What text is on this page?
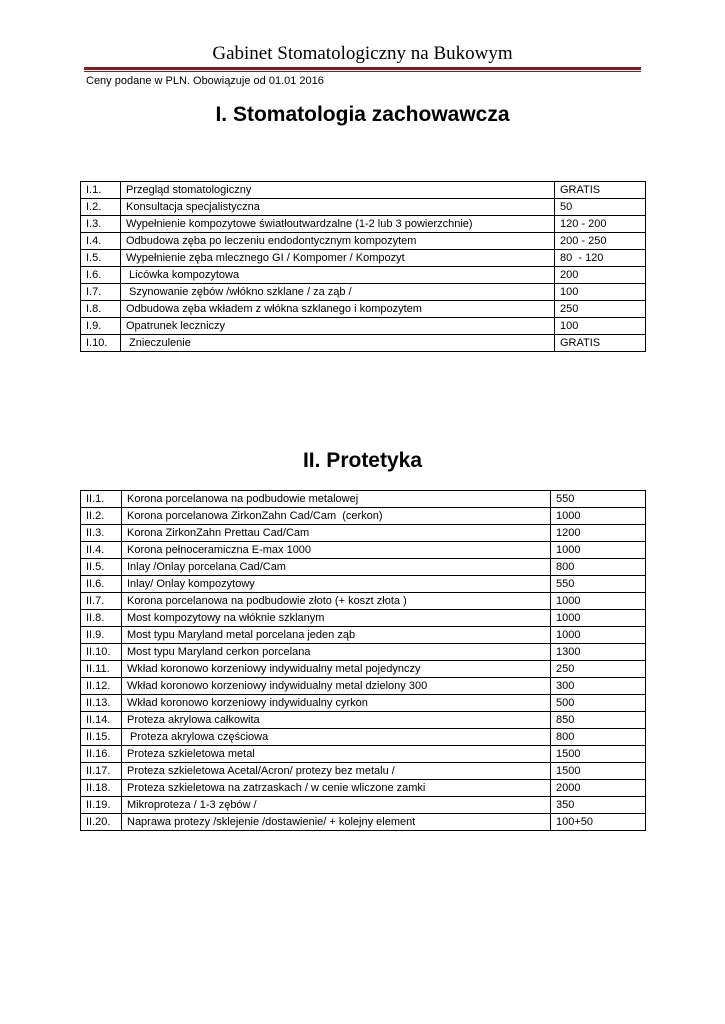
Gabinet Stomatologiczny na Bukowym
Ceny podane w PLN. Obowiązuje od 01.01 2016
I. Stomatologia zachowawcza
I.1.	Przegląd stomatologiczny	GRATIS
I.2.	Konsultacja specjalistyczna	50
I.3.	Wypełnienie kompozytowe światłoutwardzalne (1-2 lub 3 powierzchnie)	120 - 200
I.4.	Odbudowa zęba po leczeniu endodontycznym kompozytem	200 - 250
I.5.	Wypełnienie zęba mlecznego GI / Kompomer / Kompozyt	80  - 120
I.6.	Licówka kompozytowa	200
I.7.	Szynowanie zębów /włókno szklane / za ząb /	100
I.8.	Odbudowa zęba wkładem z włókna szklanego i kompozytem	250
I.9.	Opatrunek leczniczy	100
I.10.	Znieczulenie	GRATIS
II. Protetyka
II.1.	Korona porcelanowa na podbudowie metalowej	550
II.2.	Korona porcelanowa ZirkonZahn Cad/Cam  (cerkon)	1000
II.3.	Korona ZirkonZahn Prettau Cad/Cam	1200
II.4.	Korona pełnoceramiczna E-max 1000	1000
II.5.	Inlay /Onlay porcelana Cad/Cam	800
II.6.	Inlay/ Onlay kompozytowy	550
II.7.	Korona porcelanowa na podbudowie złoto (+ koszt złota )	1000
II.8.	Most kompozytowy na włóknie szklanym	1000
II.9.	Most typu Maryland metal porcelana jeden ząb	1000
II.10.	Most typu Maryland cerkon porcelana	1300
II.11.	Wkład koronowo korzeniowy indywidualny metal pojedynczy	250
II.12.	Wkład koronowo korzeniowy indywidualny metal dzielony 300	300
II.13.	Wkład koronowo korzeniowy indywidualny cyrkon	500
II.14.	Proteza akrylowa całkowita	850
II.15.	Proteza akrylowa częściowa	800
II.16.	Proteza szkieletowa metal	1500
II.17.	Proteza szkieletowa Acetal/Acron/ protezy bez metalu /	1500
II.18.	Proteza szkieletowa na zatrzaskach / w cenie wliczone zamki	2000
II.19.	Mikroproteza / 1-3 zębów /	350
II.20.	Naprawa protezy /sklejenie /dostawienie/ + kolejny element	100+50
